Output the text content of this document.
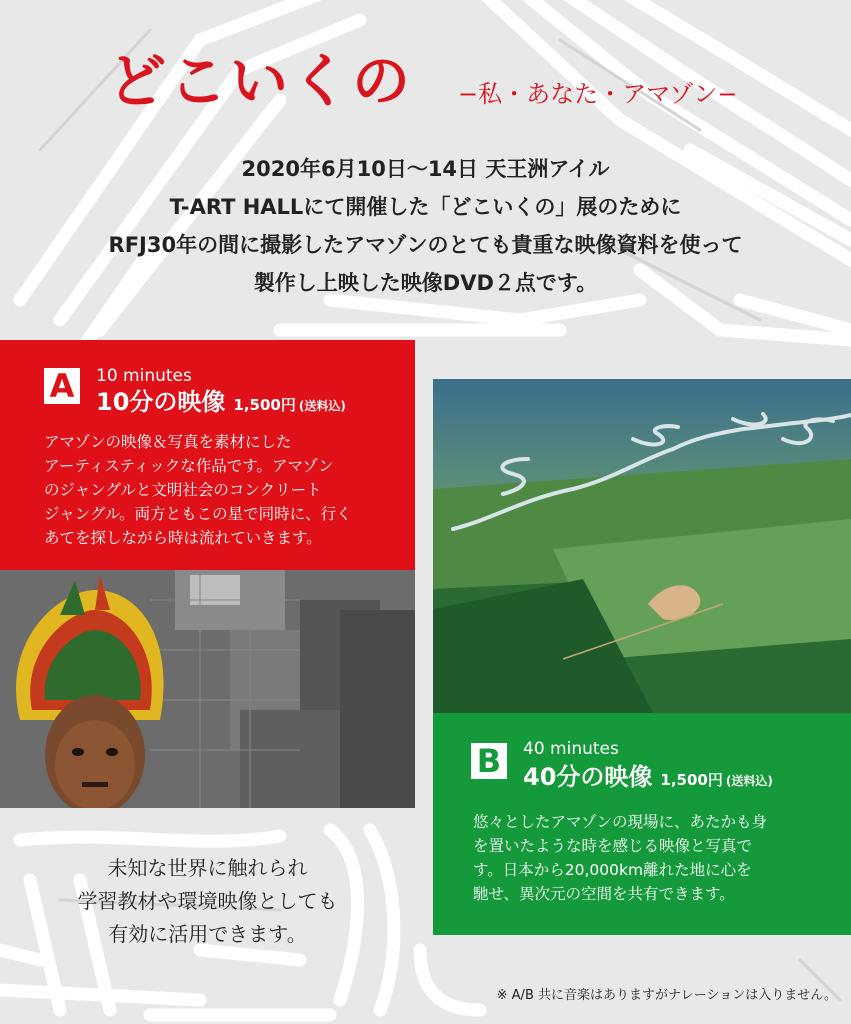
どこいくの −私・あなた・アマゾン−
2020年6月10日〜14日 天王洲アイル
T-ART HALLにて開催した「どこいくの」展のために
RFJ30年の間に撮影したアマゾンのとても貴重な映像資料を使って
製作し上映した映像DVD２点です。
A	10 minutes
10分の映像 1,500円 (送料込)
アマゾンの映像＆写真を素材にした
アーティスティックな作品です。アマゾン
のジャングルと文明社会のコンクリート
ジャングル。両方ともこの星で同時に、行く
あてを探しながら時は流れていきます。
B	40 minutes
40分の映像 1,500円 (送料込)
悠々としたアマゾンの現場に、あたかも身
を置いたような時を感じる映像と写真で
す。日本から20,000km離れた地に心を
馳せ、異次元の空間を共有できます。
未知な世界に触れられ
学習教材や環境映像としても
有効に活用できます。
※ A/B 共に音楽はありますがナレーションは入りません。
